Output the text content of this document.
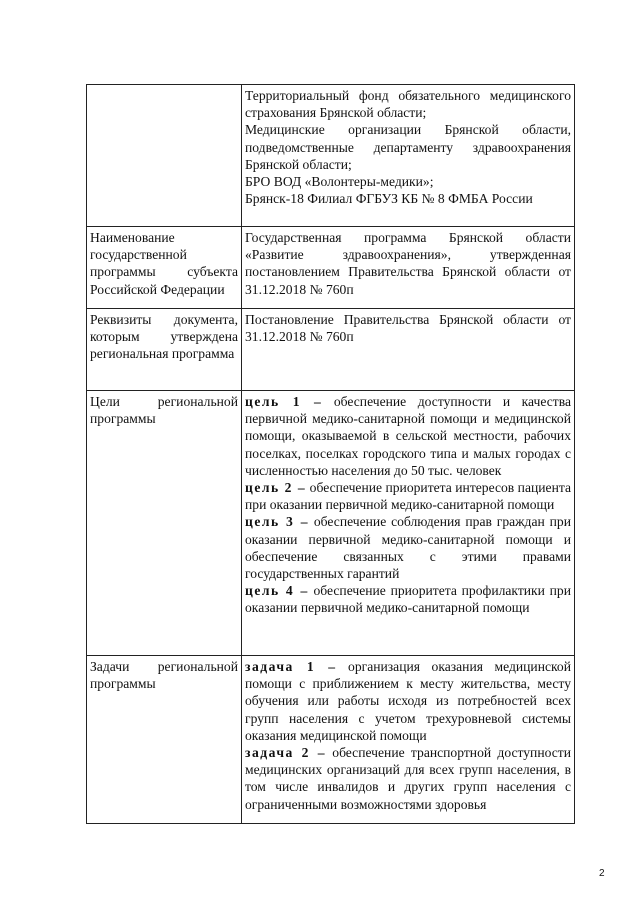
	Территориальный фонд обязательного медицинского страхования Брянской области;
Медицинские организации Брянской области, подведомственные департаменту здравоохранения Брянской области;
БРО ВОД «Волонтеры-медики»;
Брянск-18 Филиал ФГБУЗ КБ № 8 ФМБА России

Наименование государственной программы субъекта Российской Федерации	Государственная программа Брянской области «Развитие здравоохранения», утвержденная постановлением Правительства Брянской области от 31.12.2018 № 760п

Реквизиты документа, которым утверждена региональная программа	Постановление Правительства Брянской области от 31.12.2018 № 760п

Цели региональной программы	цель 1 – обеспечение доступности и качества первичной медико-санитарной помощи и медицинской помощи, оказываемой в сельской местности, рабочих поселках, поселках городского типа и малых городах с численностью населения до 50 тыс. человек
цель 2 – обеспечение приоритета интересов пациента при оказании первичной медико-санитарной помощи
цель 3 – обеспечение соблюдения прав граждан при оказании первичной медико-санитарной помощи и обеспечение связанных с этими правами государственных гарантий
цель 4 – обеспечение приоритета профилактики при оказании первичной медико-санитарной помощи

Задачи региональной программы	задача 1 – организация оказания медицинской помощи с приближением к месту жительства, месту обучения или работы исходя из потребностей всех групп населения с учетом трехуровневой системы оказания медицинской помощи
задача 2 – обеспечение транспортной доступности медицинских организаций для всех групп населения, в том числе инвалидов и других групп населения с ограниченными возможностями здоровья
2
